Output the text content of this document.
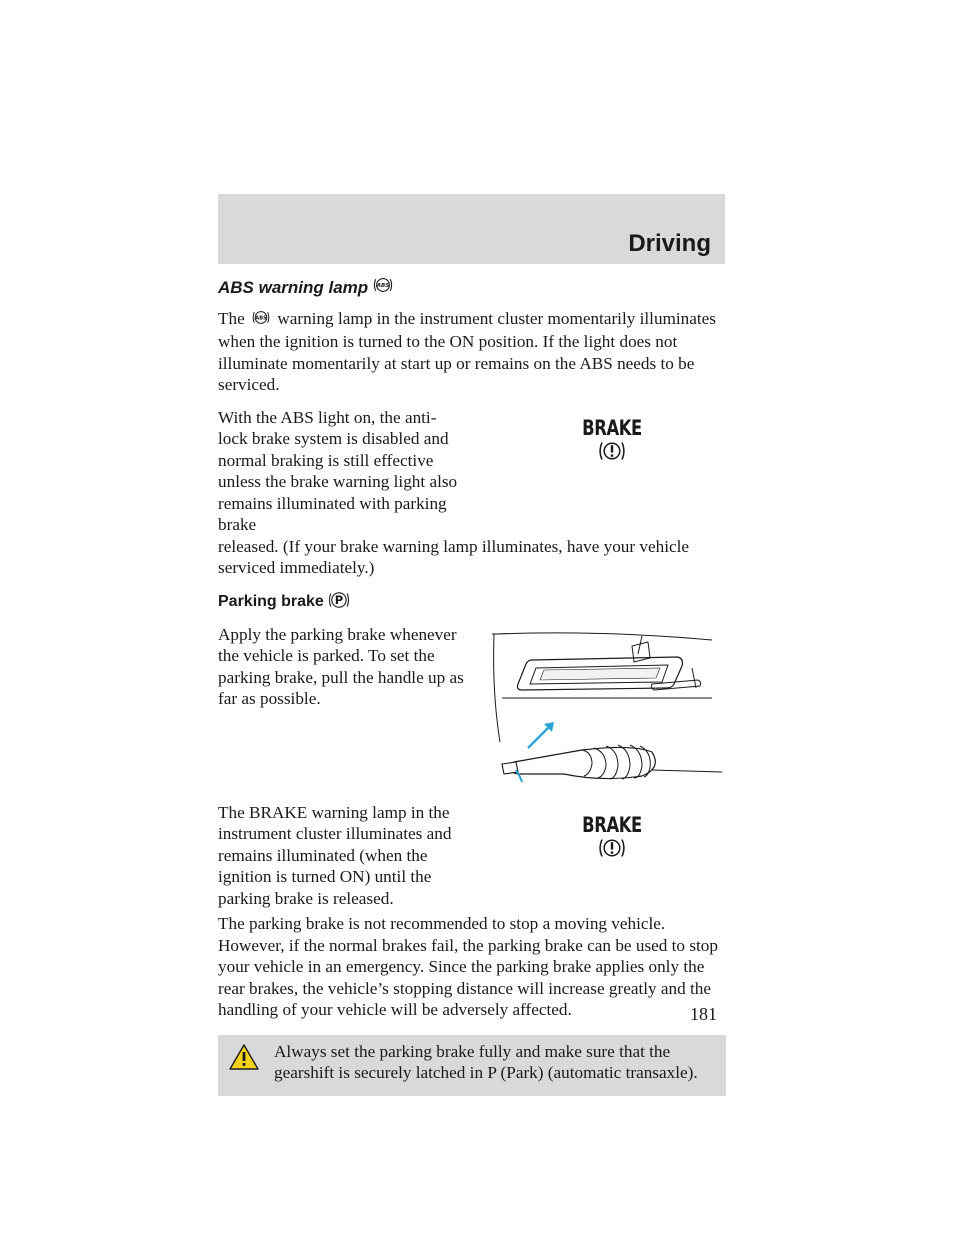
Driving
ABS warning lamp ABS

The ABS warning lamp in the instrument cluster momentarily illuminates when the ignition is turned to the ON position. If the light does not illuminate momentarily at start up or remains on the ABS needs to be serviced.

With the ABS light on, the anti-lock brake system is disabled and normal braking is still effective unless the brake warning light also remains illuminated with parking brake
BRAKE

released. (If your brake warning lamp illuminates, have your vehicle serviced immediately.)

Parking brake P
Apply the parking brake whenever the vehicle is parked. To set the parking brake, pull the handle up as far as possible.
The BRAKE warning lamp in the instrument cluster illuminates and remains illuminated (when the ignition is turned ON) until the parking brake is released.
BRAKE

The parking brake is not recommended to stop a moving vehicle. However, if the normal brakes fail, the parking brake can be used to stop your vehicle in an emergency. Since the parking brake applies only the rear brakes, the vehicle’s stopping distance will increase greatly and the handling of your vehicle will be adversely affected.

Always set the parking brake fully and make sure that the gearshift is securely latched in P (Park) (automatic transaxle).
181
